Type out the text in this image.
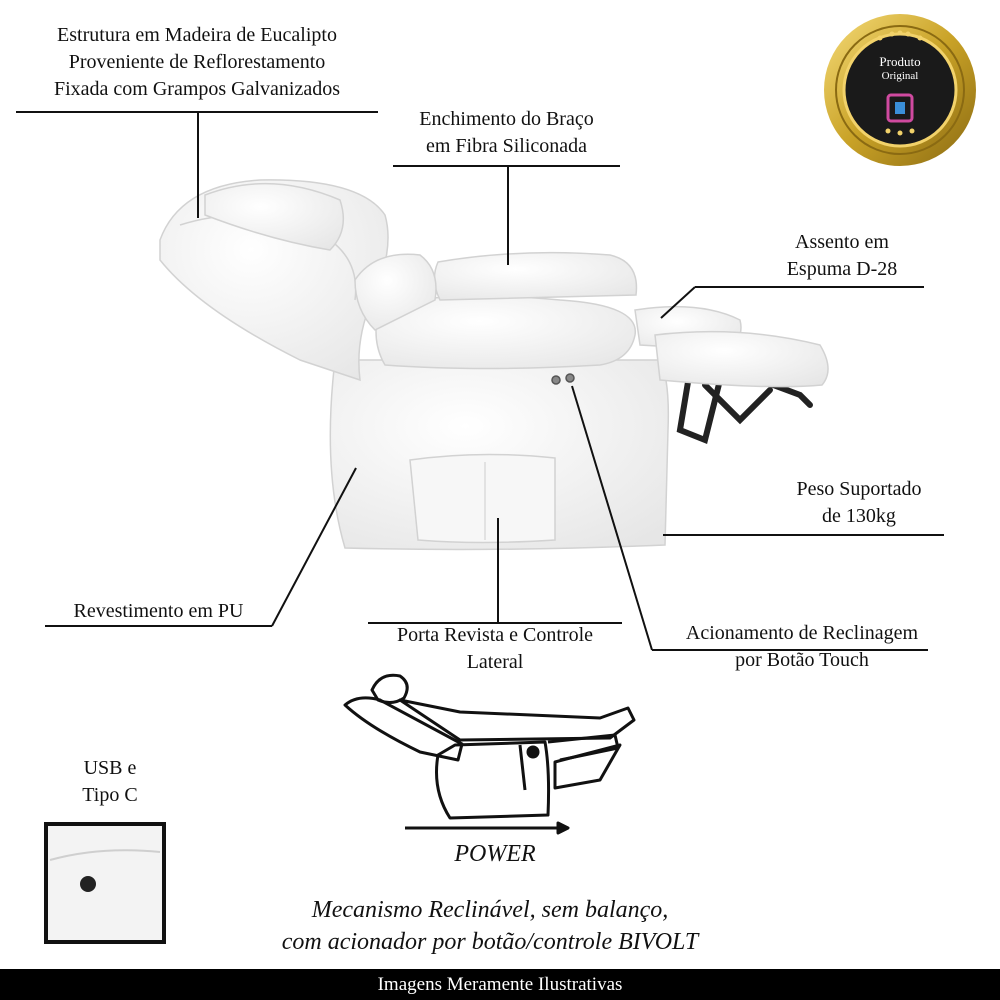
Estrutura em Madeira de Eucalipto
Proveniente de Reflorestamento
Fixada com Grampos Galvanizados
Enchimento do Braço
em Fibra Siliconada
Assento em
Espuma D-28
Peso Suportado
de 130kg
Revestimento em PU
Porta Revista e Controle
Lateral
Acionamento de Reclinagem
por Botão Touch
USB e
Tipo C
Produto
Original
POWER
Mecanismo Reclinável, sem balanço,
com acionador por botão/controle BIVOLT
Imagens Meramente Ilustrativas
